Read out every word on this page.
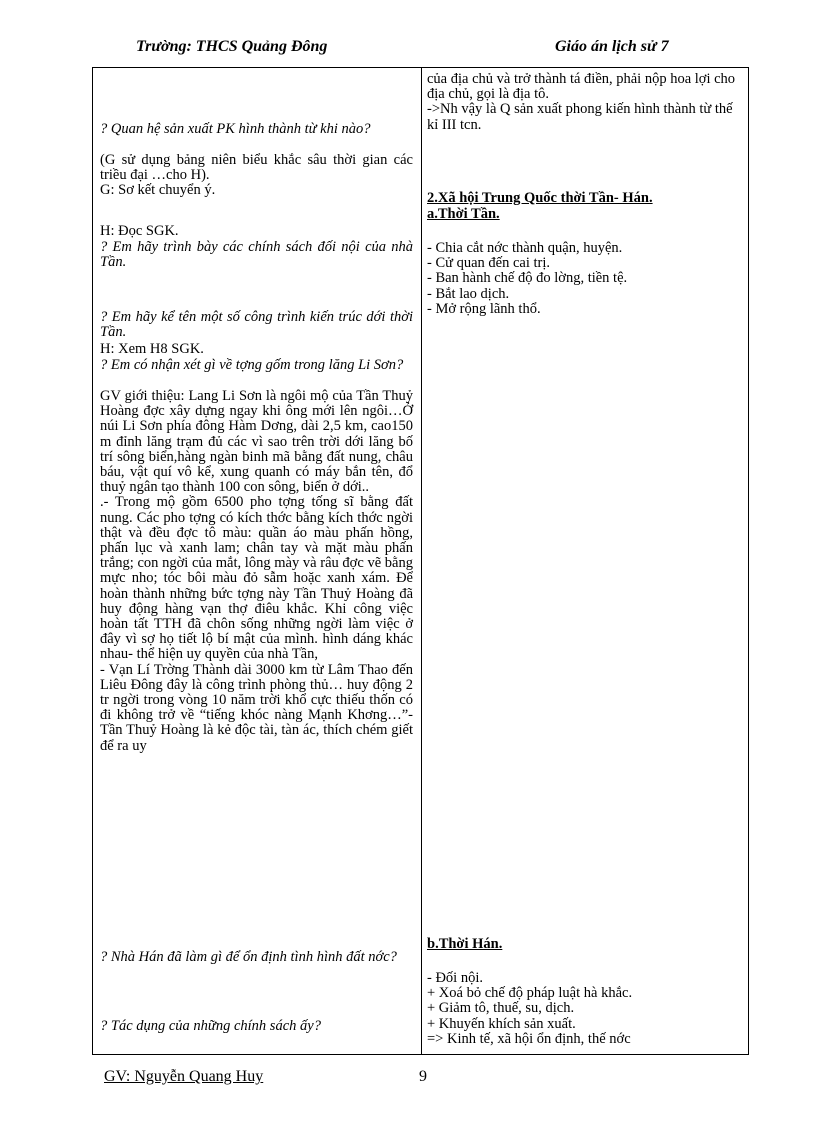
Trường: THCS Quảng Đông	Giáo án lịch sử 7

? Quan hệ sản xuất PK hình thành từ khi nào?

(G sử dụng bảng niên biểu khắc sâu thời gian các triều đại …cho H).

G: Sơ kết chuyển ý.

H: Đọc SGK.

? Em hãy trình bày các chính sách đối nội của nhà Tần.

? Em hãy kể tên một số công trình kiến trúc dới thời Tần.

H: Xem H8 SGK.

? Em có nhận xét gì về tợng gốm trong lăng Li Sơn?

GV giới thiệu: Lang Li Sơn là ngôi mộ của Tần Thuỷ Hoàng đợc xây dựng ngay khi ông mới lên ngôi…Ở núi Li Sơn phía đông Hàm Dơng, dài 2,5 km, cao150 m đỉnh lăng trạm đủ các vì sao trên trời dới lăng bố trí sông biển,hàng ngàn binh mã bằng đất nung, châu báu, vật quí vô kể, xung quanh có máy bắn tên, đổ thuỷ ngân tạo thành 100 con sông, biển ở dới..

.- Trong mộ gồm 6500 pho tợng tống sĩ bằng đất nung. Các pho tợng có kích thớc bằng kích thớc ngời thật và đều đợc tô màu: quần áo màu phấn hồng, phấn lục và xanh lam; chân tay và mặt màu phấn trắng; con ngời của mắt, lông mày và râu đợc vẽ bằng mực nho; tóc bôi màu đỏ sẫm hoặc xanh xám. Để hoàn thành những bức tợng này Tần Thuỷ Hoàng đã huy động hàng vạn thợ điêu khắc. Khi công việc hoàn tất TTH đã chôn sống những ngời làm việc ở đây vì sợ họ tiết lộ bí mật của mình. hình dáng khác nhau- thể hiện uy quyền của nhà Tần,

- Vạn Lí Trờng Thành dài 3000 km từ Lâm Thao đến Liêu Đông đây là công trình phòng thủ… huy động 2 tr ngời trong vòng 10 năm trời khổ cực thiếu thốn có đi không trở về “tiếng khóc nàng Mạnh Khơng…”- Tần Thuỷ Hoàng là kẻ độc tài, tàn ác, thích chém giết để ra uy

? Nhà Hán đã làm gì để ổn định tình hình đất nớc?

? Tác dụng của những chính sách ấy?

của địa chủ và trở thành tá điền, phải nộp hoa lợi cho địa chủ, gọi là địa tô.

->Nh vậy là Q sản xuất phong kiến hình thành từ thế kỉ III tcn.

2.Xã hội Trung Quốc thời Tần- Hán.
a.Thời Tần.

- Chia cắt nớc thành quận, huyện.

- Cử quan đến cai trị.

- Ban hành chế độ đo lờng, tiền tệ.

- Bắt lao dịch.

- Mở rộng lãnh thổ.

b.Thời Hán.

- Đối nội.

+ Xoá bỏ chế độ pháp luật hà khắc.

+ Giảm tô, thuế, su, dịch.

+ Khuyến khích sản xuất.

=> Kinh tế, xã hội ổn định, thế nớc

GV: Nguyễn Quang Huy	9
